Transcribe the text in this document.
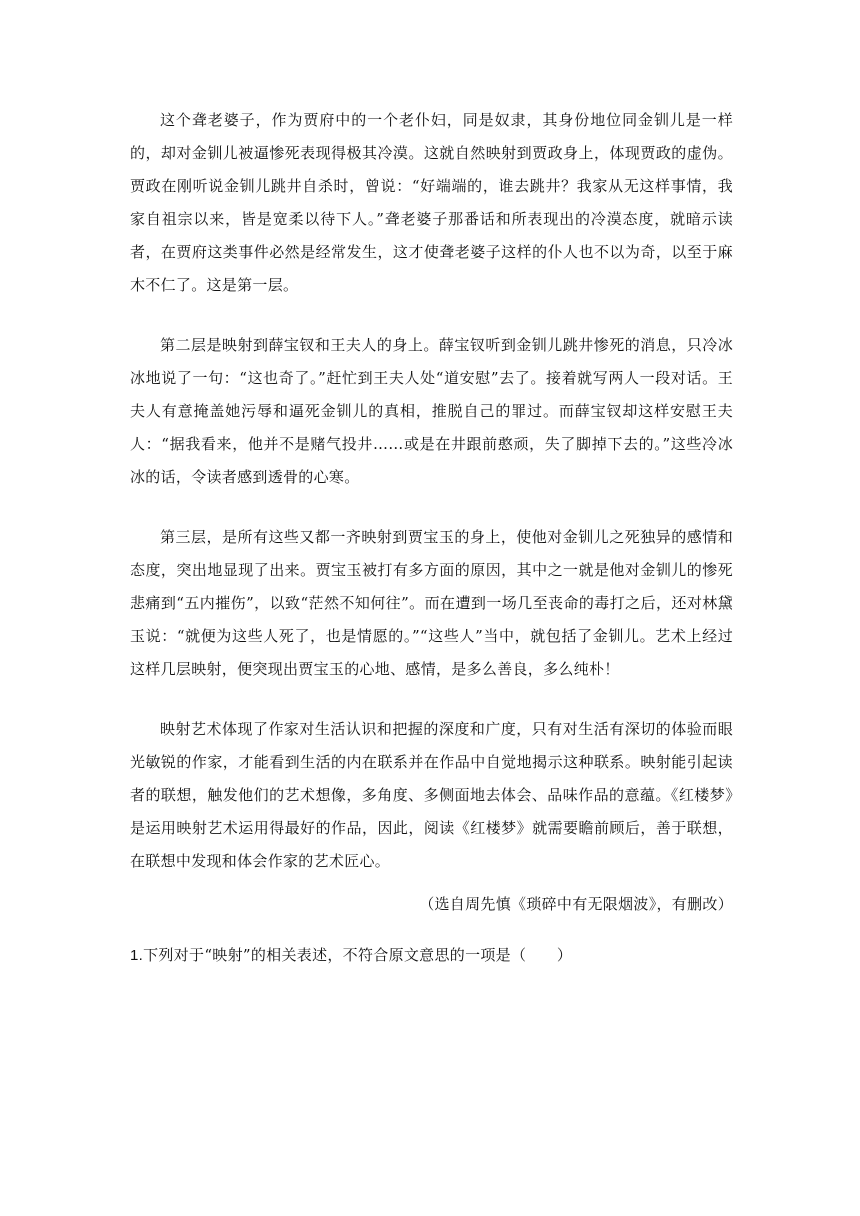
这个聋老婆子，作为贾府中的一个老仆妇，同是奴隶，其身份地位同金钏儿是一样的，却对金钏儿被逼惨死表现得极其冷漠。这就自然映射到贾政身上，体现贾政的虚伪。贾政在刚听说金钏儿跳井自杀时，曾说：“好端端的，谁去跳井？我家从无这样事情，我家自祖宗以来，皆是宽柔以待下人。”聋老婆子那番话和所表现出的冷漠态度，就暗示读者，在贾府这类事件必然是经常发生，这才使聋老婆子这样的仆人也不以为奇，以至于麻木不仁了。这是第一层。

第二层是映射到薛宝钗和王夫人的身上。薛宝钗听到金钏儿跳井惨死的消息，只冷冰冰地说了一句：“这也奇了。”赶忙到王夫人处“道安慰”去了。接着就写两人一段对话。王夫人有意掩盖她污辱和逼死金钏儿的真相，推脱自己的罪过。而薛宝钗却这样安慰王夫人：“据我看来，他并不是赌气投井……或是在井跟前憨顽，失了脚掉下去的。”这些冷冰冰的话，令读者感到透骨的心寒。

第三层，是所有这些又都一齐映射到贾宝玉的身上，使他对金钏儿之死独异的感情和态度，突出地显现了出来。贾宝玉被打有多方面的原因，其中之一就是他对金钏儿的惨死悲痛到“五内摧伤”，以致“茫然不知何往”。而在遭到一场几至丧命的毒打之后，还对林黛玉说：“就便为这些人死了，也是情愿的。”“这些人”当中，就包括了金钏儿。艺术上经过这样几层映射，便突现出贾宝玉的心地、感情，是多么善良，多么纯朴！

映射艺术体现了作家对生活认识和把握的深度和广度，只有对生活有深切的体验而眼光敏锐的作家，才能看到生活的内在联系并在作品中自觉地揭示这种联系。映射能引起读者的联想，触发他们的艺术想像，多角度、多侧面地去体会、品味作品的意蕴。《红楼梦》是运用映射艺术运用得最好的作品，因此，阅读《红楼梦》就需要瞻前顾后，善于联想，在联想中发现和体会作家的艺术匠心。

（选自周先慎《琐碎中有无限烟波》，有删改）

1.下列对于“映射”的相关表述，不符合原文意思的一项是（　　）
